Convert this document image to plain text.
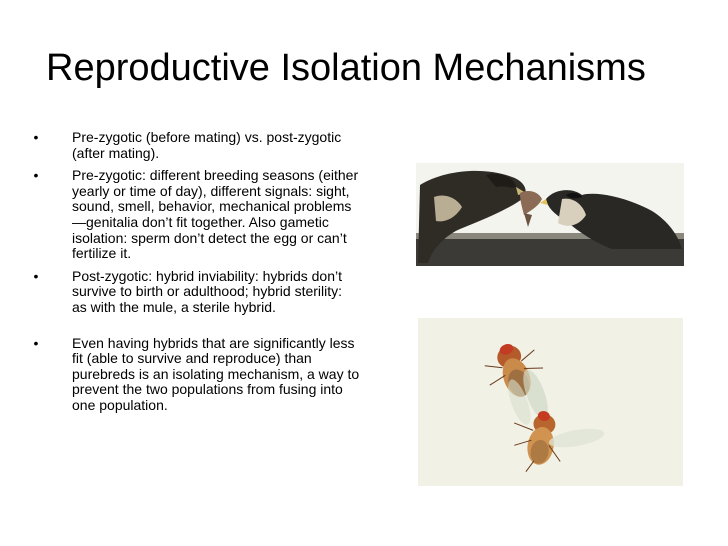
Reproductive Isolation Mechanisms
• Pre-zygotic (before mating) vs. post-zygotic (after mating).
• Pre-zygotic: different breeding seasons (either yearly or time of day), different signals: sight, sound, smell, behavior, mechanical problems—genitalia don’t fit together. Also gametic isolation: sperm don’t detect the egg or can’t fertilize it.
• Post-zygotic: hybrid inviability: hybrids don’t survive to birth or adulthood; hybrid sterility: as with the mule, a sterile hybrid.
• Even having hybrids that are significantly less fit (able to survive and reproduce) than purebreds is an isolating mechanism, a way to prevent the two populations from fusing into one population.
